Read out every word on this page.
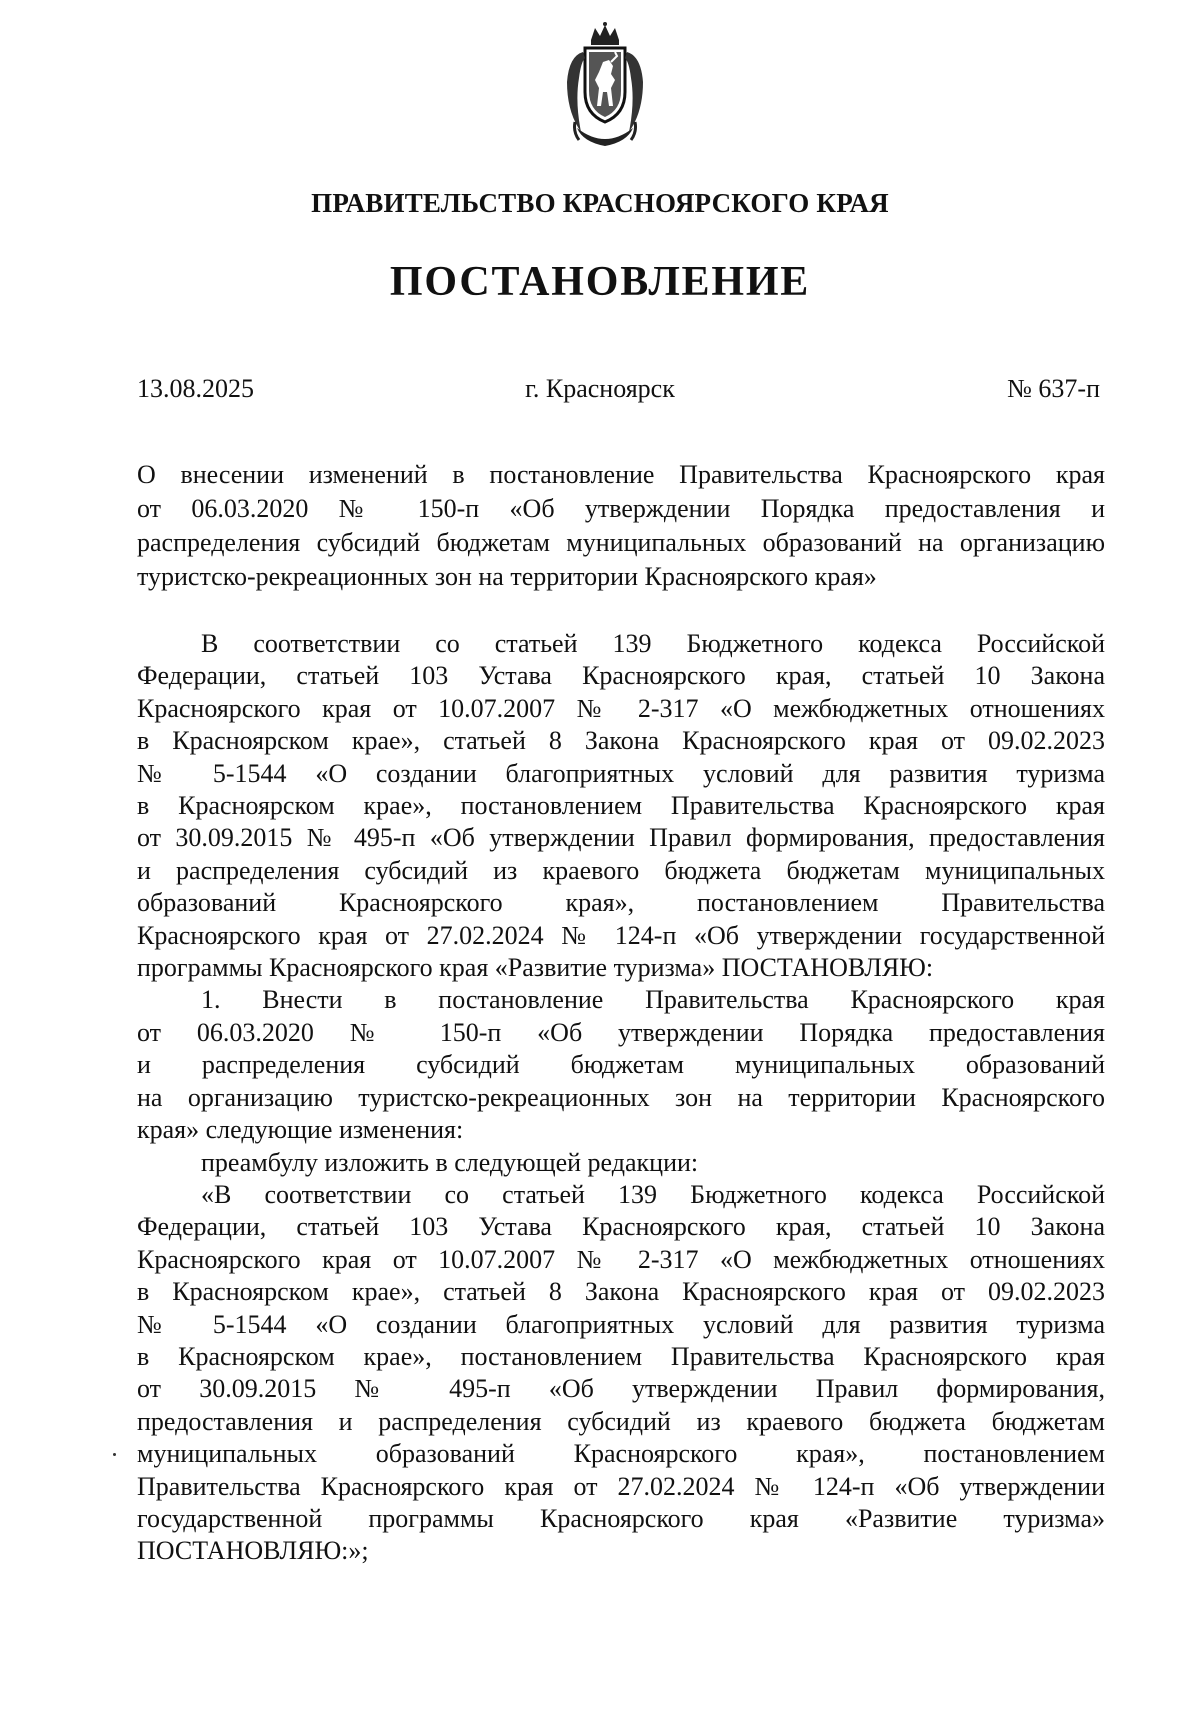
ПРАВИТЕЛЬСТВО КРАСНОЯРСКОГО КРАЯ
ПОСТАНОВЛЕНИЕ
13.08.2025	г. Красноярск	№ 637-п
О внесении изменений в постановление Правительства Красноярского края
от 06.03.2020 № 150-п «Об утверждении Порядка предоставления и
распределения субсидий бюджетам муниципальных образований на организацию
туристско-рекреационных зон на территории Красноярского края»
В соответствии со статьей 139 Бюджетного кодекса Российской
Федерации, статьей 103 Устава Красноярского края, статьей 10 Закона
Красноярского края от 10.07.2007 № 2-317 «О межбюджетных отношениях
в Красноярском крае», статьей 8 Закона Красноярского края от 09.02.2023
№ 5-1544 «О создании благоприятных условий для развития туризма
в Красноярском крае», постановлением Правительства Красноярского края
от 30.09.2015 № 495-п «Об утверждении Правил формирования, предоставления
и распределения субсидий из краевого бюджета бюджетам муниципальных
образований Красноярского края», постановлением Правительства
Красноярского края от 27.02.2024 № 124-п «Об утверждении государственной
программы Красноярского края «Развитие туризма» ПОСТАНОВЛЯЮ:
1. Внести в постановление Правительства Красноярского края
от 06.03.2020 № 150-п «Об утверждении Порядка предоставления
и распределения субсидий бюджетам муниципальных образований
на организацию туристско-рекреационных зон на территории Красноярского
края» следующие изменения:
преамбулу изложить в следующей редакции:
«В соответствии со статьей 139 Бюджетного кодекса Российской
Федерации, статьей 103 Устава Красноярского края, статьей 10 Закона
Красноярского края от 10.07.2007 № 2-317 «О межбюджетных отношениях
в Красноярском крае», статьей 8 Закона Красноярского края от 09.02.2023
№ 5-1544 «О создании благоприятных условий для развития туризма
в Красноярском крае», постановлением Правительства Красноярского края
от 30.09.2015 № 495-п «Об утверждении Правил формирования,
предоставления и распределения субсидий из краевого бюджета бюджетам
муниципальных образований Красноярского края», постановлением
Правительства Красноярского края от 27.02.2024 № 124-п «Об утверждении
государственной программы Красноярского края «Развитие туризма»
ПОСТАНОВЛЯЮ:»;
